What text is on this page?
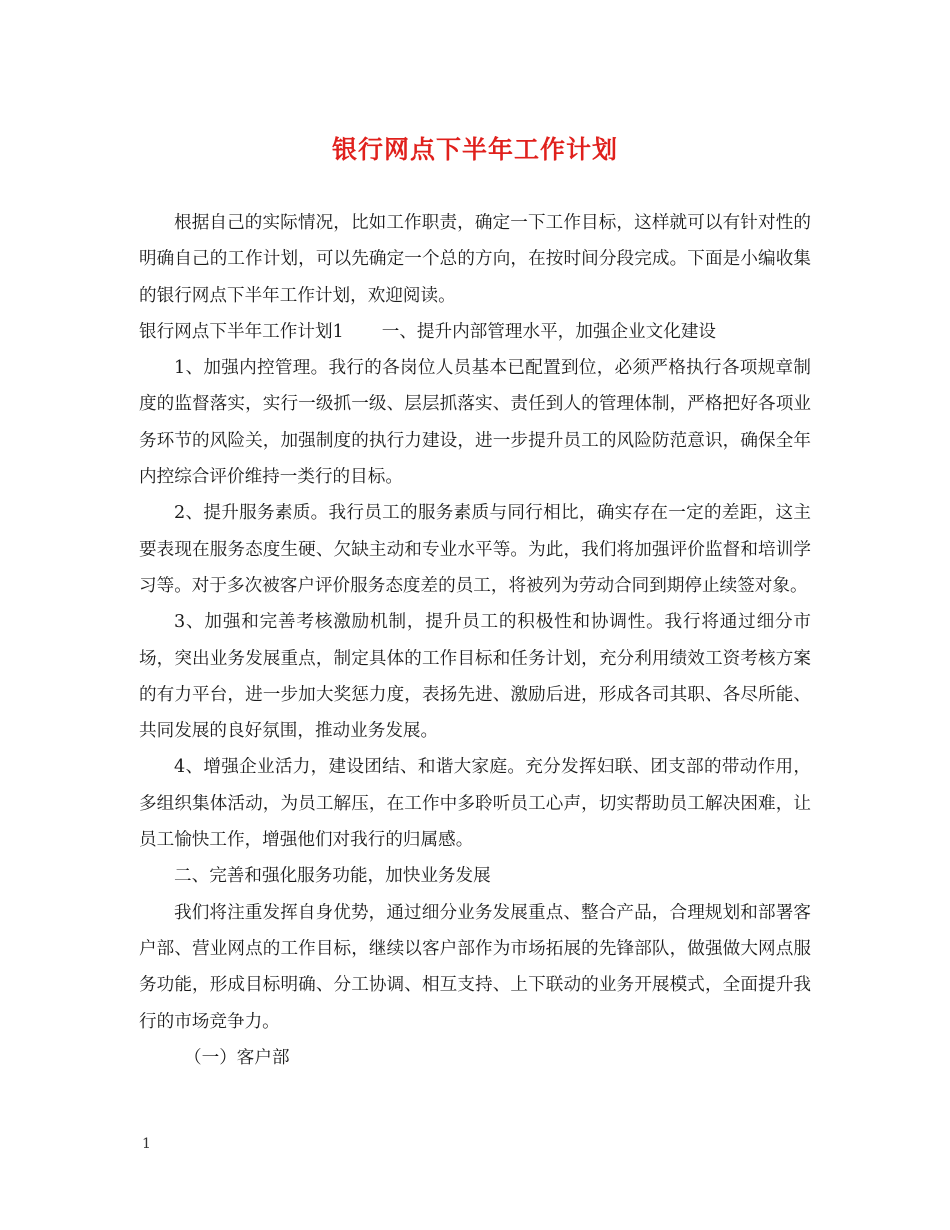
银行网点下半年工作计划

根据自己的实际情况，比如工作职责，确定一下工作目标，这样就可以有针对性的明确自己的工作计划，可以先确定一个总的方向，在按时间分段完成。下面是小编收集的银行网点下半年工作计划，欢迎阅读。

银行网点下半年工作计划1 一、提升内部管理水平，加强企业文化建设

1、加强内控管理。我行的各岗位人员基本已配置到位，必须严格执行各项规章制度的监督落实，实行一级抓一级、层层抓落实、责任到人的管理体制，严格把好各项业务环节的风险关，加强制度的执行力建设，进一步提升员工的风险防范意识，确保全年内控综合评价维持一类行的目标。

2、提升服务素质。我行员工的服务素质与同行相比，确实存在一定的差距，这主要表现在服务态度生硬、欠缺主动和专业水平等。为此，我们将加强评价监督和培训学习等。对于多次被客户评价服务态度差的员工，将被列为劳动合同到期停止续签对象。

3、加强和完善考核激励机制，提升员工的积极性和协调性。我行将通过细分市场，突出业务发展重点，制定具体的工作目标和任务计划，充分利用绩效工资考核方案的有力平台，进一步加大奖惩力度，表扬先进、激励后进，形成各司其职、各尽所能、共同发展的良好氛围，推动业务发展。

4、增强企业活力，建设团结、和谐大家庭。充分发挥妇联、团支部的带动作用，多组织集体活动，为员工解压，在工作中多聆听员工心声，切实帮助员工解决困难，让员工愉快工作，增强他们对我行的归属感。

二、完善和强化服务功能，加快业务发展

我们将注重发挥自身优势，通过细分业务发展重点、整合产品，合理规划和部署客户部、营业网点的工作目标，继续以客户部作为市场拓展的先锋部队，做强做大网点服务功能，形成目标明确、分工协调、相互支持、上下联动的业务开展模式，全面提升我行的市场竞争力。

（一）客户部

1
